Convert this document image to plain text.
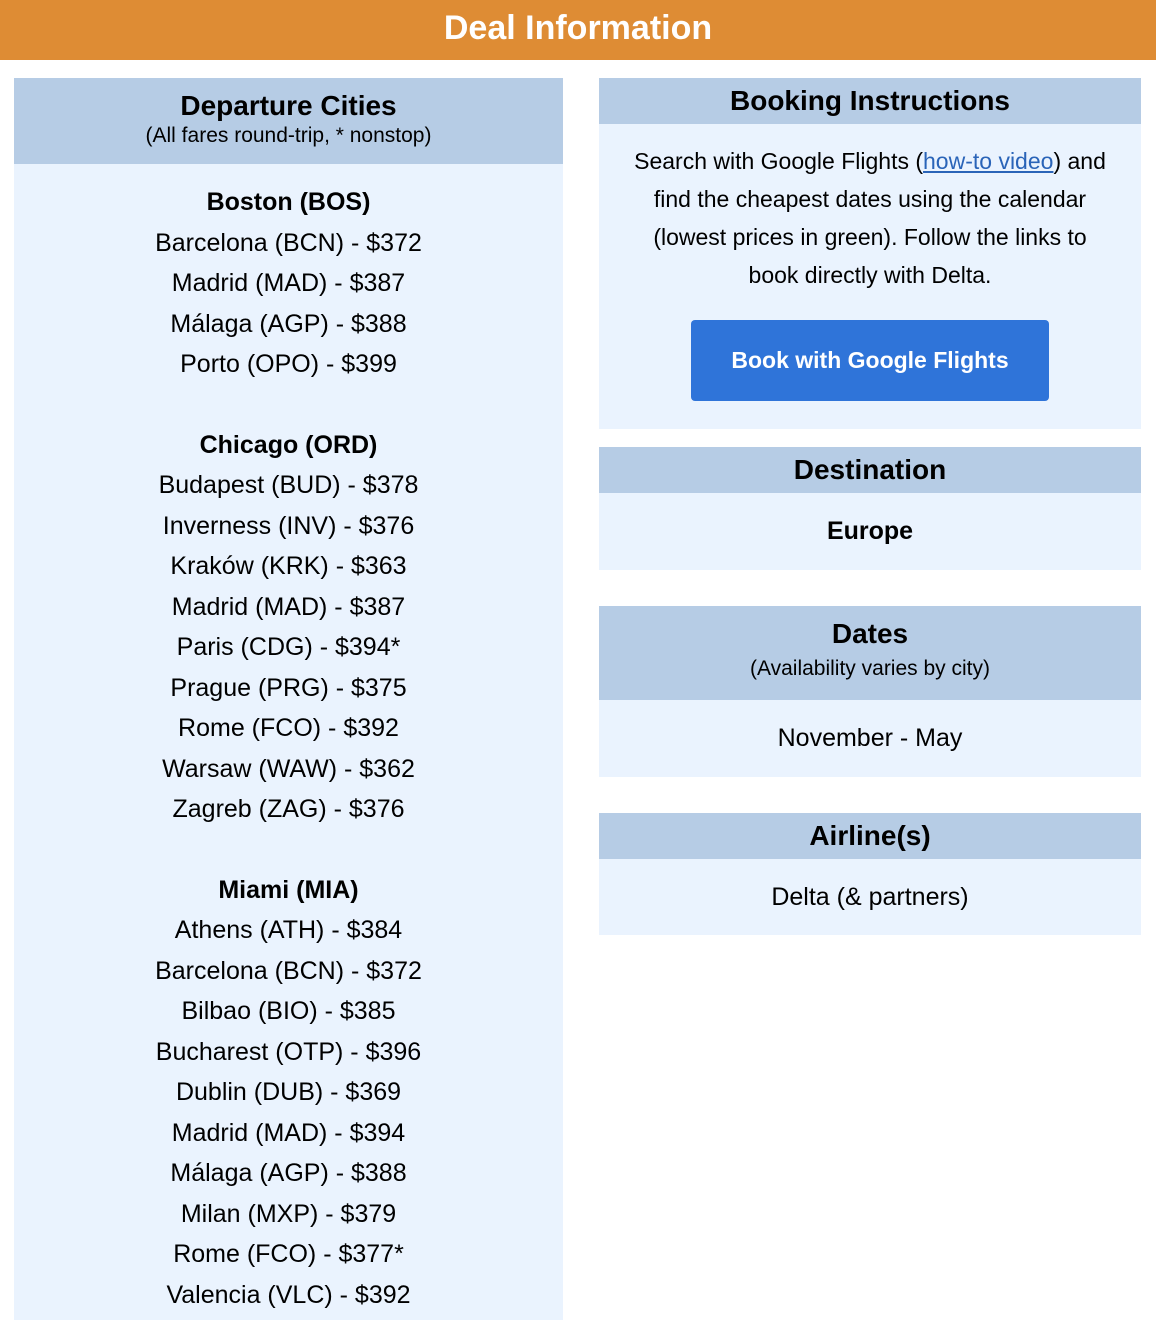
Deal Information
Departure Cities
(All fares round-trip, * nonstop)

Boston (BOS)

Barcelona (BCN) - $372
Madrid (MAD) - $387
Málaga (AGP) - $388
Porto (OPO) - $399

Chicago (ORD)

Budapest (BUD) - $378
Inverness (INV) - $376
Kraków (KRK) - $363
Madrid (MAD) - $387
Paris (CDG) - $394*
Prague (PRG) - $375
Rome (FCO) - $392
Warsaw (WAW) - $362
Zagreb (ZAG) - $376

Miami (MIA)

Athens (ATH) - $384
Barcelona (BCN) - $372
Bilbao (BIO) - $385
Bucharest (OTP) - $396
Dublin (DUB) - $369
Madrid (MAD) - $394
Málaga (AGP) - $388
Milan (MXP) - $379
Rome (FCO) - $377*
Valencia (VLC) - $392
Booking Instructions

Search with Google Flights (how-to video) and find the cheapest dates using the calendar (lowest prices in green). Follow the links to book directly with Delta.

Book with Google Flights
Destination
Europe
Dates
(Availability varies by city)
November - May
Airline(s)
Delta (& partners)
